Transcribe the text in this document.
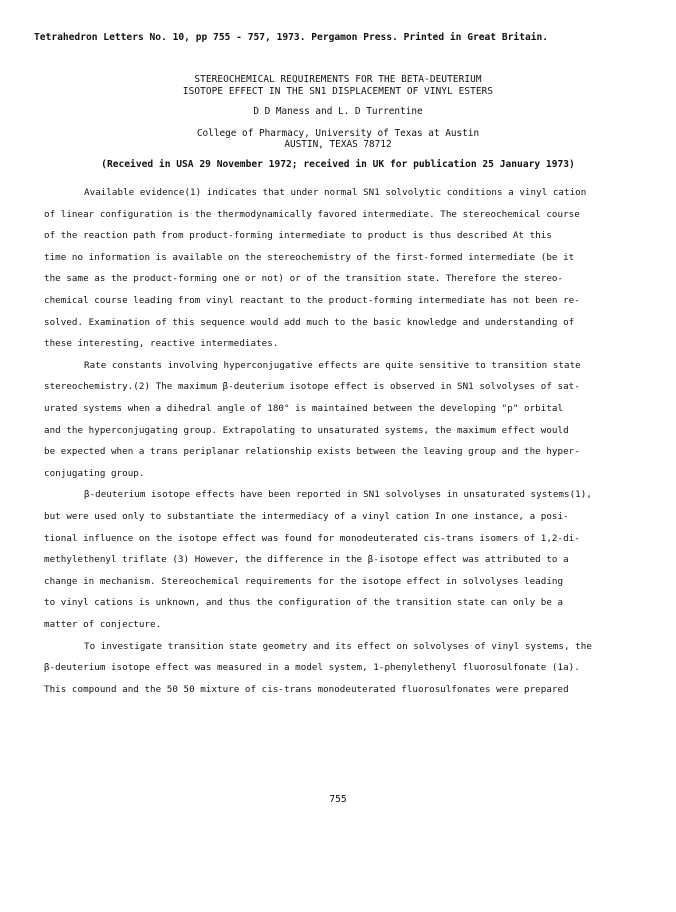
Tetrahedron Letters No. 10, pp 755 - 757, 1973. Pergamon Press. Printed in Great Britain.
STEREOCHEMICAL REQUIREMENTS FOR THE BETA-DEUTERIUM
ISOTOPE EFFECT IN THE SN1 DISPLACEMENT OF VINYL ESTERS
D D Maness and L. D Turrentine
College of Pharmacy, University of Texas at Austin
AUSTIN, TEXAS 78712
(Received in USA 29 November 1972; received in UK for publication 25 January 1973)
Available evidence(1) indicates that under normal SN1 solvolytic conditions a vinyl cation
of linear configuration is the thermodynamically favored intermediate. The stereochemical course
of the reaction path from product-forming intermediate to product is thus described At this
time no information is available on the stereochemistry of the first-formed intermediate (be it
the same as the product-forming one or not) or of the transition state. Therefore the stereo-
chemical course leading from vinyl reactant to the product-forming intermediate has not been re-
solved. Examination of this sequence would add much to the basic knowledge and understanding of
these interesting, reactive intermediates.
Rate constants involving hyperconjugative effects are quite sensitive to transition state
stereochemistry.(2) The maximum β-deuterium isotope effect is observed in SN1 solvolyses of sat-
urated systems when a dihedral angle of 180° is maintained between the developing "p" orbital
and the hyperconjugating group. Extrapolating to unsaturated systems, the maximum effect would
be expected when a trans periplanar relationship exists between the leaving group and the hyper-
conjugating group.
β-deuterium isotope effects have been reported in SN1 solvolyses in unsaturated systems(1),
but were used only to substantiate the intermediacy of a vinyl cation In one instance, a posi-
tional influence on the isotope effect was found for monodeuterated cis-trans isomers of 1,2-di-
methylethenyl triflate (3) However, the difference in the β-isotope effect was attributed to a
change in mechanism. Stereochemical requirements for the isotope effect in solvolyses leading
to vinyl cations is unknown, and thus the configuration of the transition state can only be a
matter of conjecture.
To investigate transition state geometry and its effect on solvolyses of vinyl systems, the
β-deuterium isotope effect was measured in a model system, 1-phenylethenyl fluorosulfonate (1a).
This compound and the 50 50 mixture of cis-trans monodeuterated fluorosulfonates were prepared
755
